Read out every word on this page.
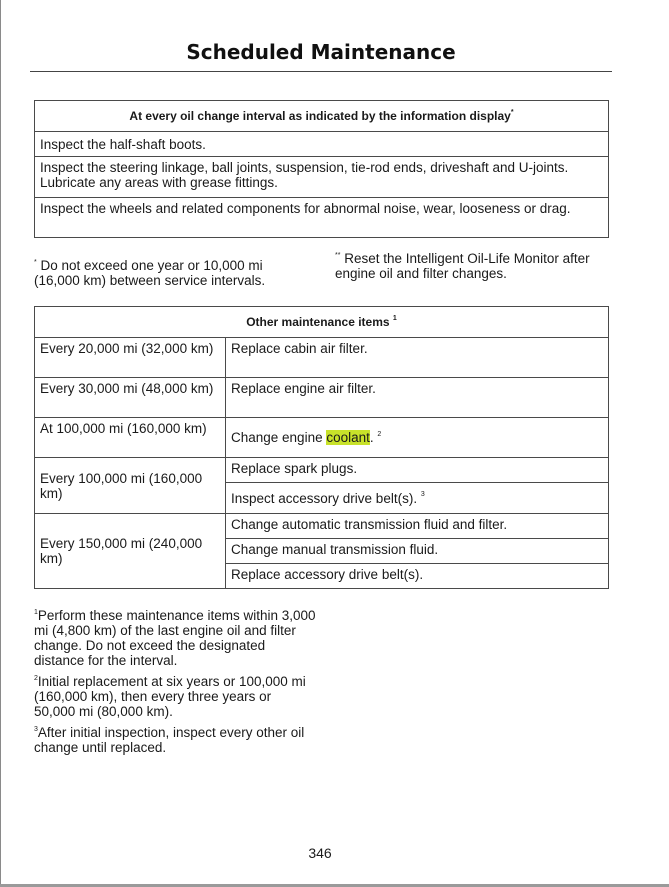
Scheduled Maintenance
At every oil change interval as indicated by the information display*
Inspect the half-shaft boots.
Inspect the steering linkage, ball joints, suspension, tie-rod ends, driveshaft and U-joints. Lubricate any areas with grease fittings.
Inspect the wheels and related components for abnormal noise, wear, looseness or drag.
* Do not exceed one year or 10,000 mi (16,000 km) between service intervals.
** Reset the Intelligent Oil-Life Monitor after engine oil and filter changes.
Other maintenance items $^1$
Every 20,000 mi (32,000 km)	Replace cabin air filter.
Every 30,000 mi (48,000 km)	Replace engine air filter.
At 100,000 mi (160,000 km)	Change engine coolant. $^2$
Every 100,000 mi (160,000 km)	Replace spark plugs.
	Inspect accessory drive belt(s). $^3$
Every 150,000 mi (240,000 km)	Change automatic transmission fluid and filter.
	Change manual transmission fluid.
	Replace accessory drive belt(s).

$^1$Perform these maintenance items within 3,000 mi (4,800 km) of the last engine oil and filter change. Do not exceed the designated distance for the interval.

$^2$Initial replacement at six years or 100,000 mi (160,000 km), then every three years or 50,000 mi (80,000 km).

$^3$After initial inspection, inspect every other oil change until replaced.

346
